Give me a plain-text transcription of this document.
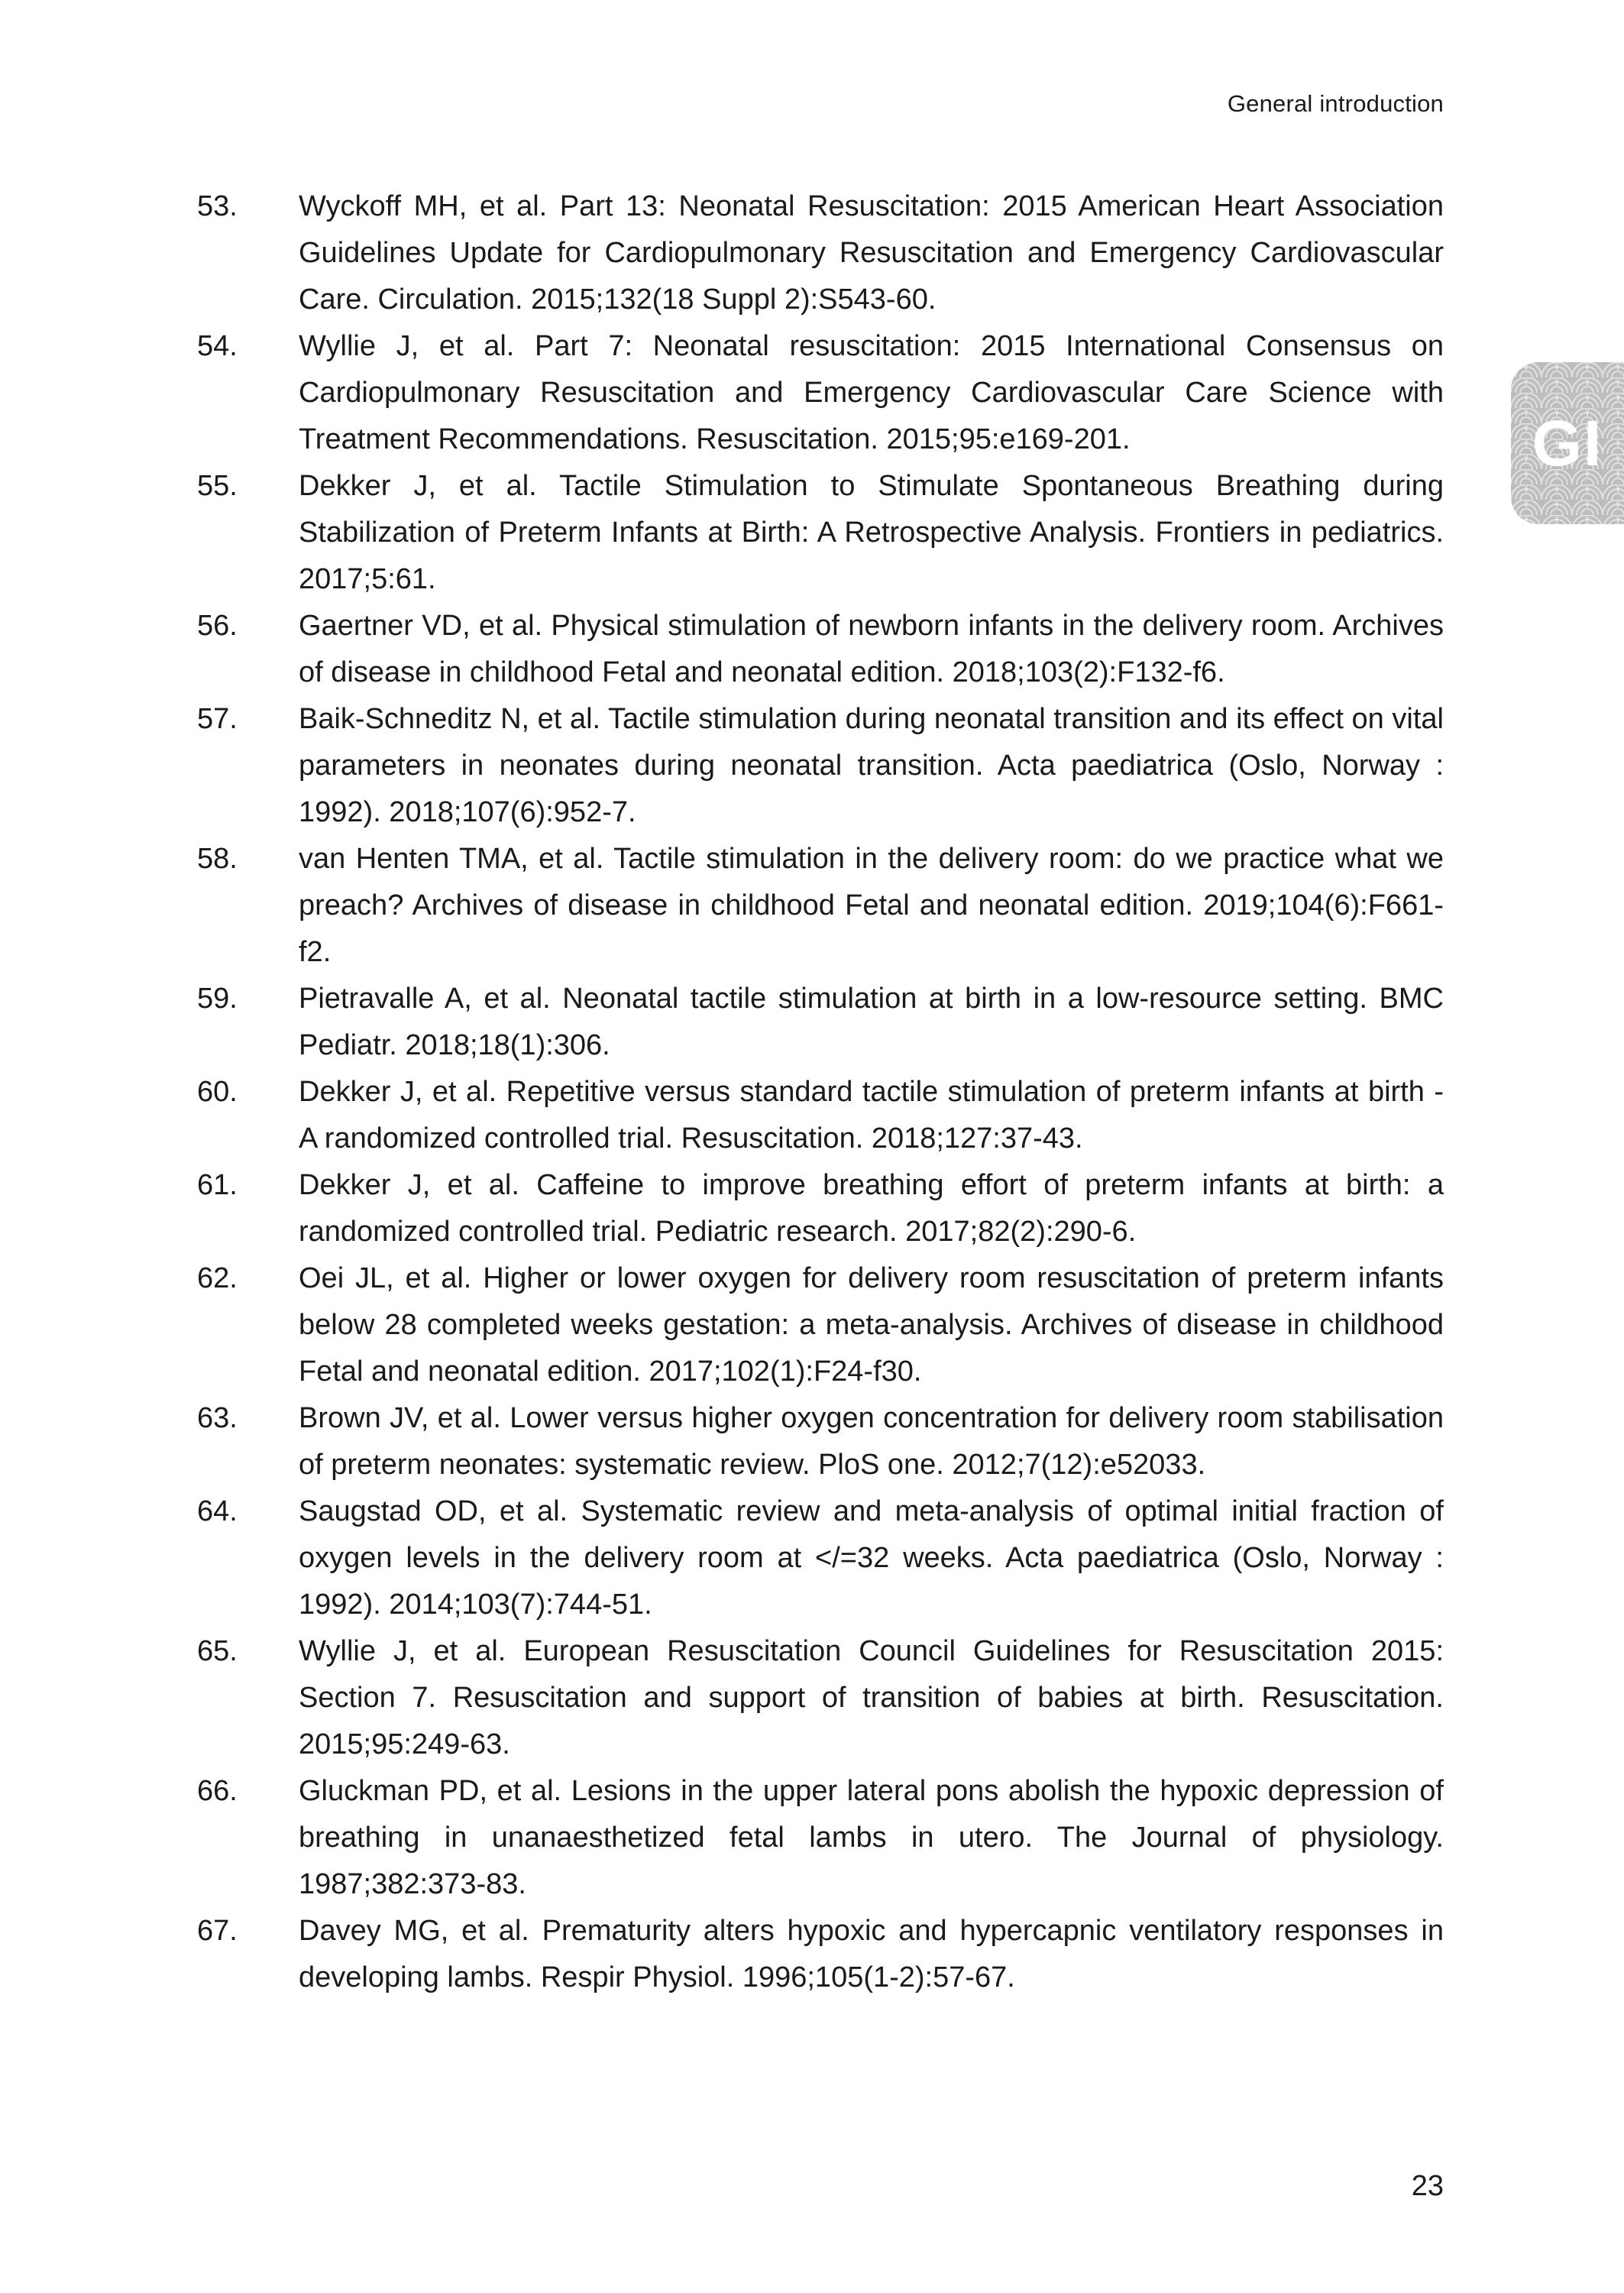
General introduction
GI
53. Wyckoff MH, et al. Part 13: Neonatal Resuscitation: 2015 American Heart Association Guidelines Update for Cardiopulmonary Resuscitation and Emergency Cardiovascular Care. Circulation. 2015;132(18 Suppl 2):S543-60.
54. Wyllie J, et al. Part 7: Neonatal resuscitation: 2015 International Consensus on Cardiopulmonary Resuscitation and Emergency Cardiovascular Care Science with Treatment Recommendations. Resuscitation. 2015;95:e169-201.
55. Dekker J, et al. Tactile Stimulation to Stimulate Spontaneous Breathing during Stabilization of Preterm Infants at Birth: A Retrospective Analysis. Frontiers in pediatrics. 2017;5:61.
56. Gaertner VD, et al. Physical stimulation of newborn infants in the delivery room. Archives of disease in childhood Fetal and neonatal edition. 2018;103(2):F132-f6.
57. Baik-Schneditz N, et al. Tactile stimulation during neonatal transition and its effect on vital parameters in neonates during neonatal transition. Acta paediatrica (Oslo, Norway : 1992). 2018;107(6):952-7.
58. van Henten TMA, et al. Tactile stimulation in the delivery room: do we practice what we preach? Archives of disease in childhood Fetal and neonatal edition. 2019;104(6):F661-f2.
59. Pietravalle A, et al. Neonatal tactile stimulation at birth in a low-resource setting. BMC Pediatr. 2018;18(1):306.
60. Dekker J, et al. Repetitive versus standard tactile stimulation of preterm infants at birth - A randomized controlled trial. Resuscitation. 2018;127:37-43.
61. Dekker J, et al. Caffeine to improve breathing effort of preterm infants at birth: a randomized controlled trial. Pediatric research. 2017;82(2):290-6.
62. Oei JL, et al. Higher or lower oxygen for delivery room resuscitation of preterm infants below 28 completed weeks gestation: a meta-analysis. Archives of disease in childhood Fetal and neonatal edition. 2017;102(1):F24-f30.
63. Brown JV, et al. Lower versus higher oxygen concentration for delivery room stabilisation of preterm neonates: systematic review. PloS one. 2012;7(12):e52033.
64. Saugstad OD, et al. Systematic review and meta-analysis of optimal initial fraction of oxygen levels in the delivery room at </=32 weeks. Acta paediatrica (Oslo, Norway : 1992). 2014;103(7):744-51.
65. Wyllie J, et al. European Resuscitation Council Guidelines for Resuscitation 2015: Section 7. Resuscitation and support of transition of babies at birth. Resuscitation. 2015;95:249-63.
66. Gluckman PD, et al. Lesions in the upper lateral pons abolish the hypoxic depression of breathing in unanaesthetized fetal lambs in utero. The Journal of physiology. 1987;382:373-83.
67. Davey MG, et al. Prematurity alters hypoxic and hypercapnic ventilatory responses in developing lambs. Respir Physiol. 1996;105(1-2):57-67.
23
